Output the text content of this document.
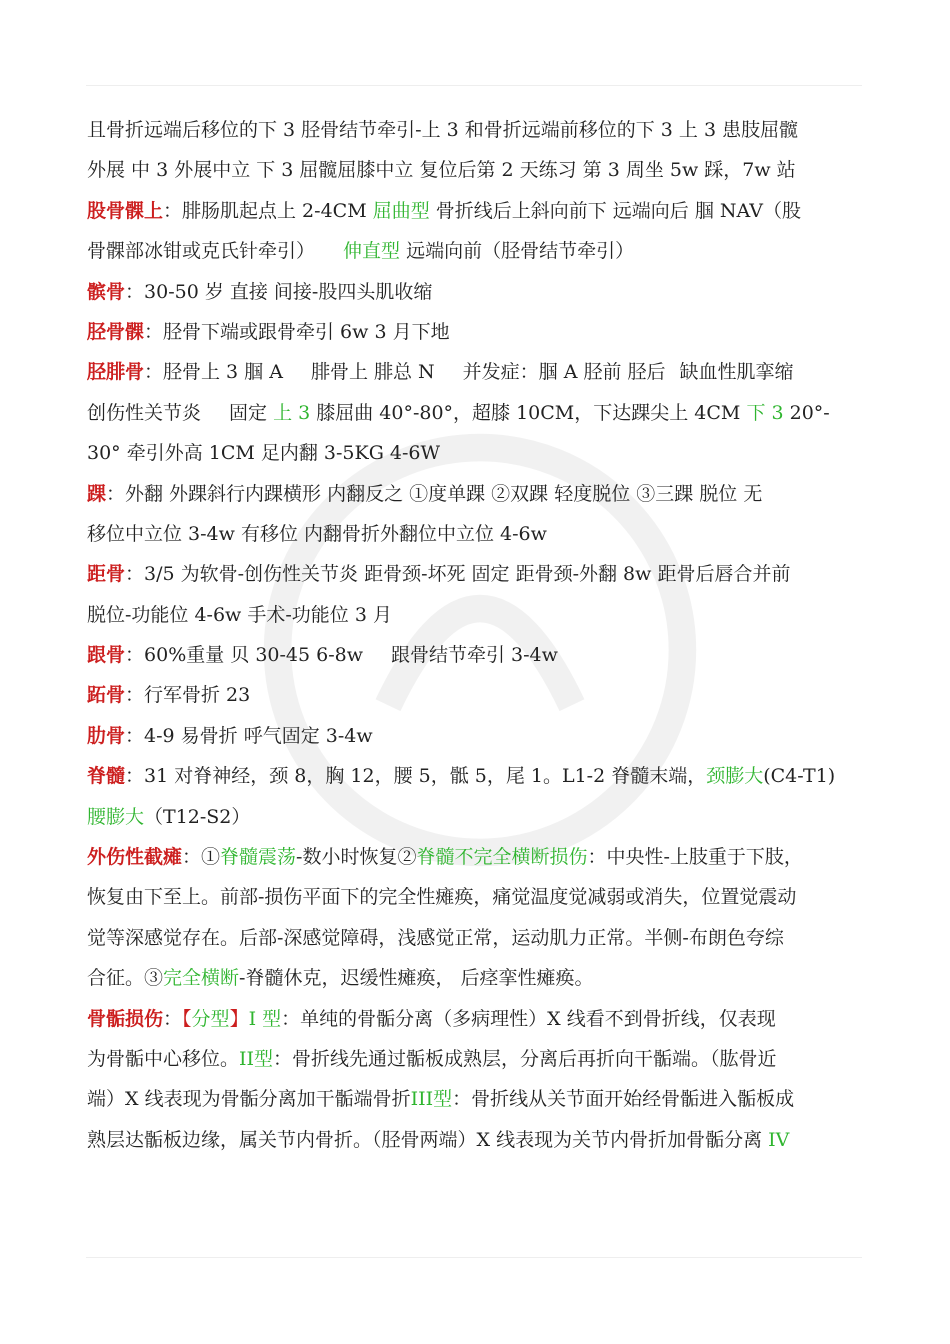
且骨折远端后移位的下 3 胫骨结节牵引-上 3 和骨折远端前移位的下 3 上 3 患肢屈髋
外展 中 3 外展中立 下 3 屈髋屈膝中立 复位后第 2 天练习 第 3 周坐 5w 踩，7w 站
股骨髁上：腓肠肌起点上 2-4CM 屈曲型 骨折线后上斜向前下 远端向后 腘 NAV（股
骨髁部冰钳或克氏针牵引） 伸直型 远端向前（胫骨结节牵引）
髌骨：30-50 岁 直接 间接-股四头肌收缩
胫骨髁：胫骨下端或跟骨牵引 6w 3 月下地
胫腓骨：胫骨上 3 腘 A 腓骨上 腓总 N 并发症：腘 A 胫前 胫后 缺血性肌挛缩
创伤性关节炎 固定 上 3 膝屈曲 40°-80°，超膝 10CM，下达踝尖上 4CM 下 3 20°-
30° 牵引外高 1CM 足内翻 3-5KG 4-6W
踝：外翻 外踝斜行内踝横形 内翻反之 ①度单踝 ②双踝 轻度脱位 ③三踝 脱位 无
移位中立位 3-4w 有移位 内翻骨折外翻位中立位 4-6w
距骨：3/5 为软骨-创伤性关节炎 距骨颈-坏死 固定 距骨颈-外翻 8w 距骨后唇合并前
脱位-功能位 4-6w 手术-功能位 3 月
跟骨：60%重量 贝 30-45 6-8w 跟骨结节牵引 3-4w
跖骨：行军骨折 23
肋骨：4-9 易骨折 呼气固定 3-4w
脊髓：31 对脊神经，颈 8，胸 12，腰 5，骶 5，尾 1。L1-2 脊髓末端，颈膨大(C4-T1)
腰膨大（T12-S2）
外伤性截瘫：①脊髓震荡-数小时恢复②脊髓不完全横断损伤：中央性-上肢重于下肢，
恢复由下至上。前部-损伤平面下的完全性瘫痪，痛觉温度觉减弱或消失，位置觉震动
觉等深感觉存在。后部-深感觉障碍，浅感觉正常，运动肌力正常。半侧-布朗色夸综
合征。③完全横断-脊髓休克，迟缓性瘫痪， 后痉挛性瘫痪。
骨骺损伤：【分型】I 型：单纯的骨骺分离（多病理性）X 线看不到骨折线，仅表现
为骨骺中心移位。II型：骨折线先通过骺板成熟层，分离后再折向干骺端。（肱骨近
端）X 线表现为骨骺分离加干骺端骨折III型：骨折线从关节面开始经骨骺进入骺板成
熟层达骺板边缘，属关节内骨折。（胫骨两端）X 线表现为关节内骨折加骨骺分离 IV
